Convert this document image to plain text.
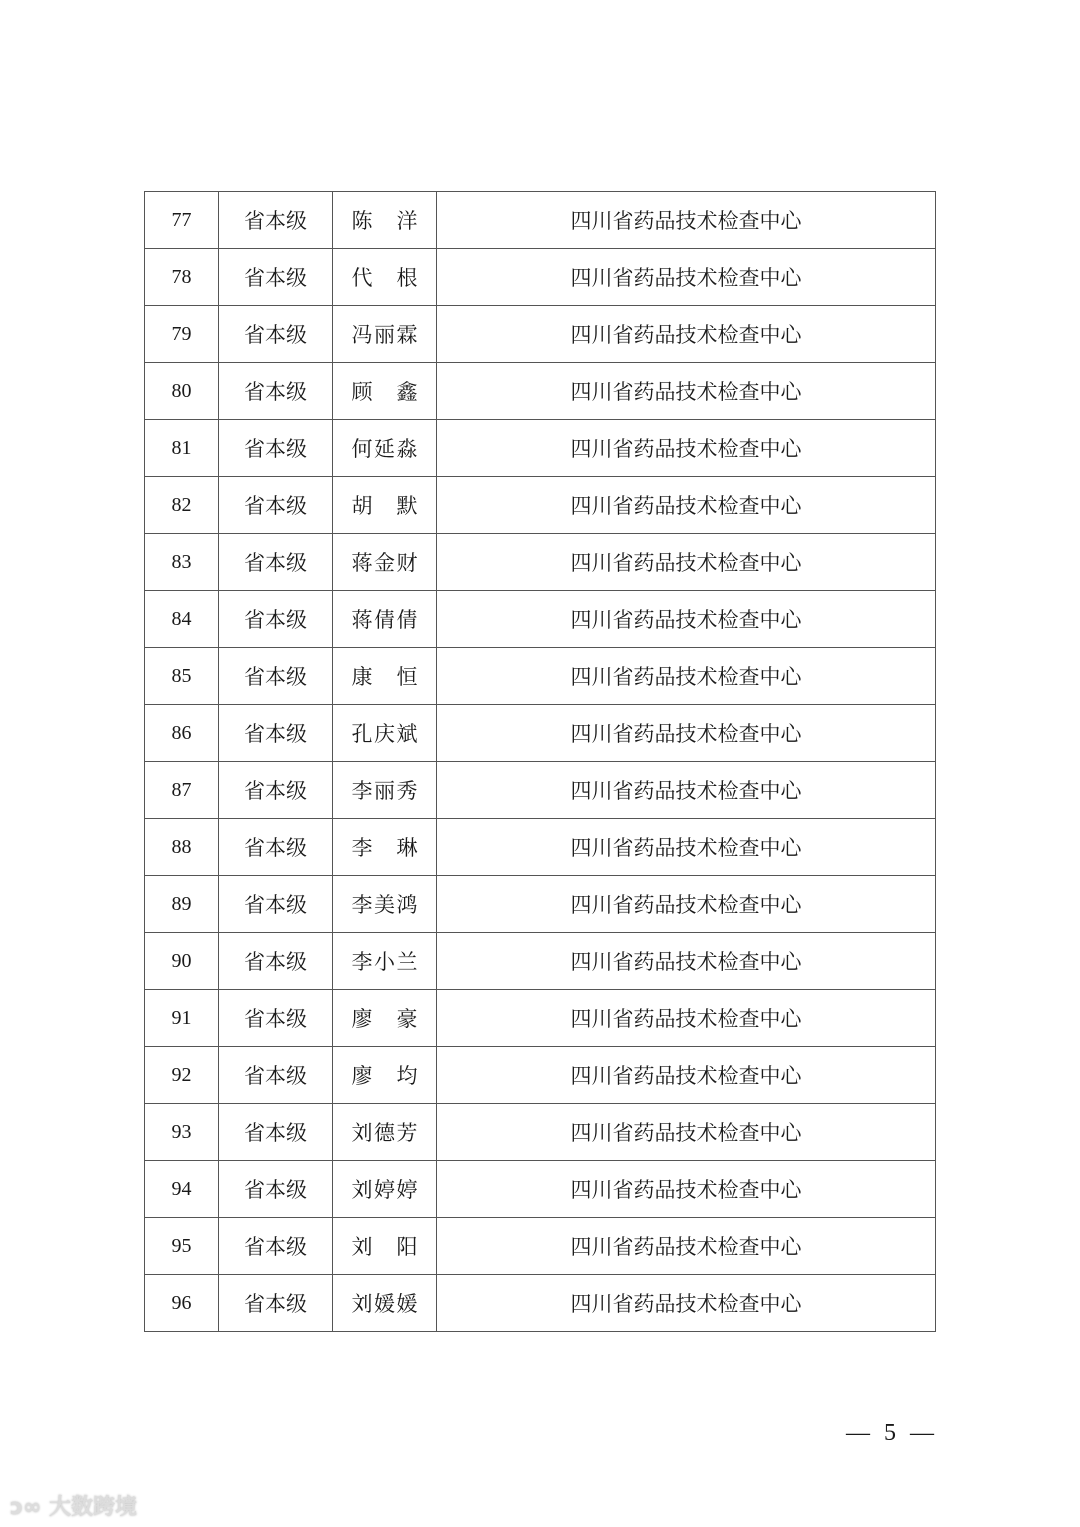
77	省本级	陈洋	四川省药品技术检查中心
78	省本级	代根	四川省药品技术检查中心
79	省本级	冯丽霖	四川省药品技术检查中心
80	省本级	顾鑫	四川省药品技术检查中心
81	省本级	何延淼	四川省药品技术检查中心
82	省本级	胡默	四川省药品技术检查中心
83	省本级	蒋金财	四川省药品技术检查中心
84	省本级	蒋倩倩	四川省药品技术检查中心
85	省本级	康恒	四川省药品技术检查中心
86	省本级	孔庆斌	四川省药品技术检查中心
87	省本级	李丽秀	四川省药品技术检查中心
88	省本级	李琳	四川省药品技术检查中心
89	省本级	李美鸿	四川省药品技术检查中心
90	省本级	李小兰	四川省药品技术检查中心
91	省本级	廖豪	四川省药品技术检查中心
92	省本级	廖均	四川省药品技术检查中心
93	省本级	刘德芳	四川省药品技术检查中心
94	省本级	刘婷婷	四川省药品技术检查中心
95	省本级	刘阳	四川省药品技术检查中心
96	省本级	刘媛媛	四川省药品技术检查中心
— 5 —
ↄ∞ 大数跨境
